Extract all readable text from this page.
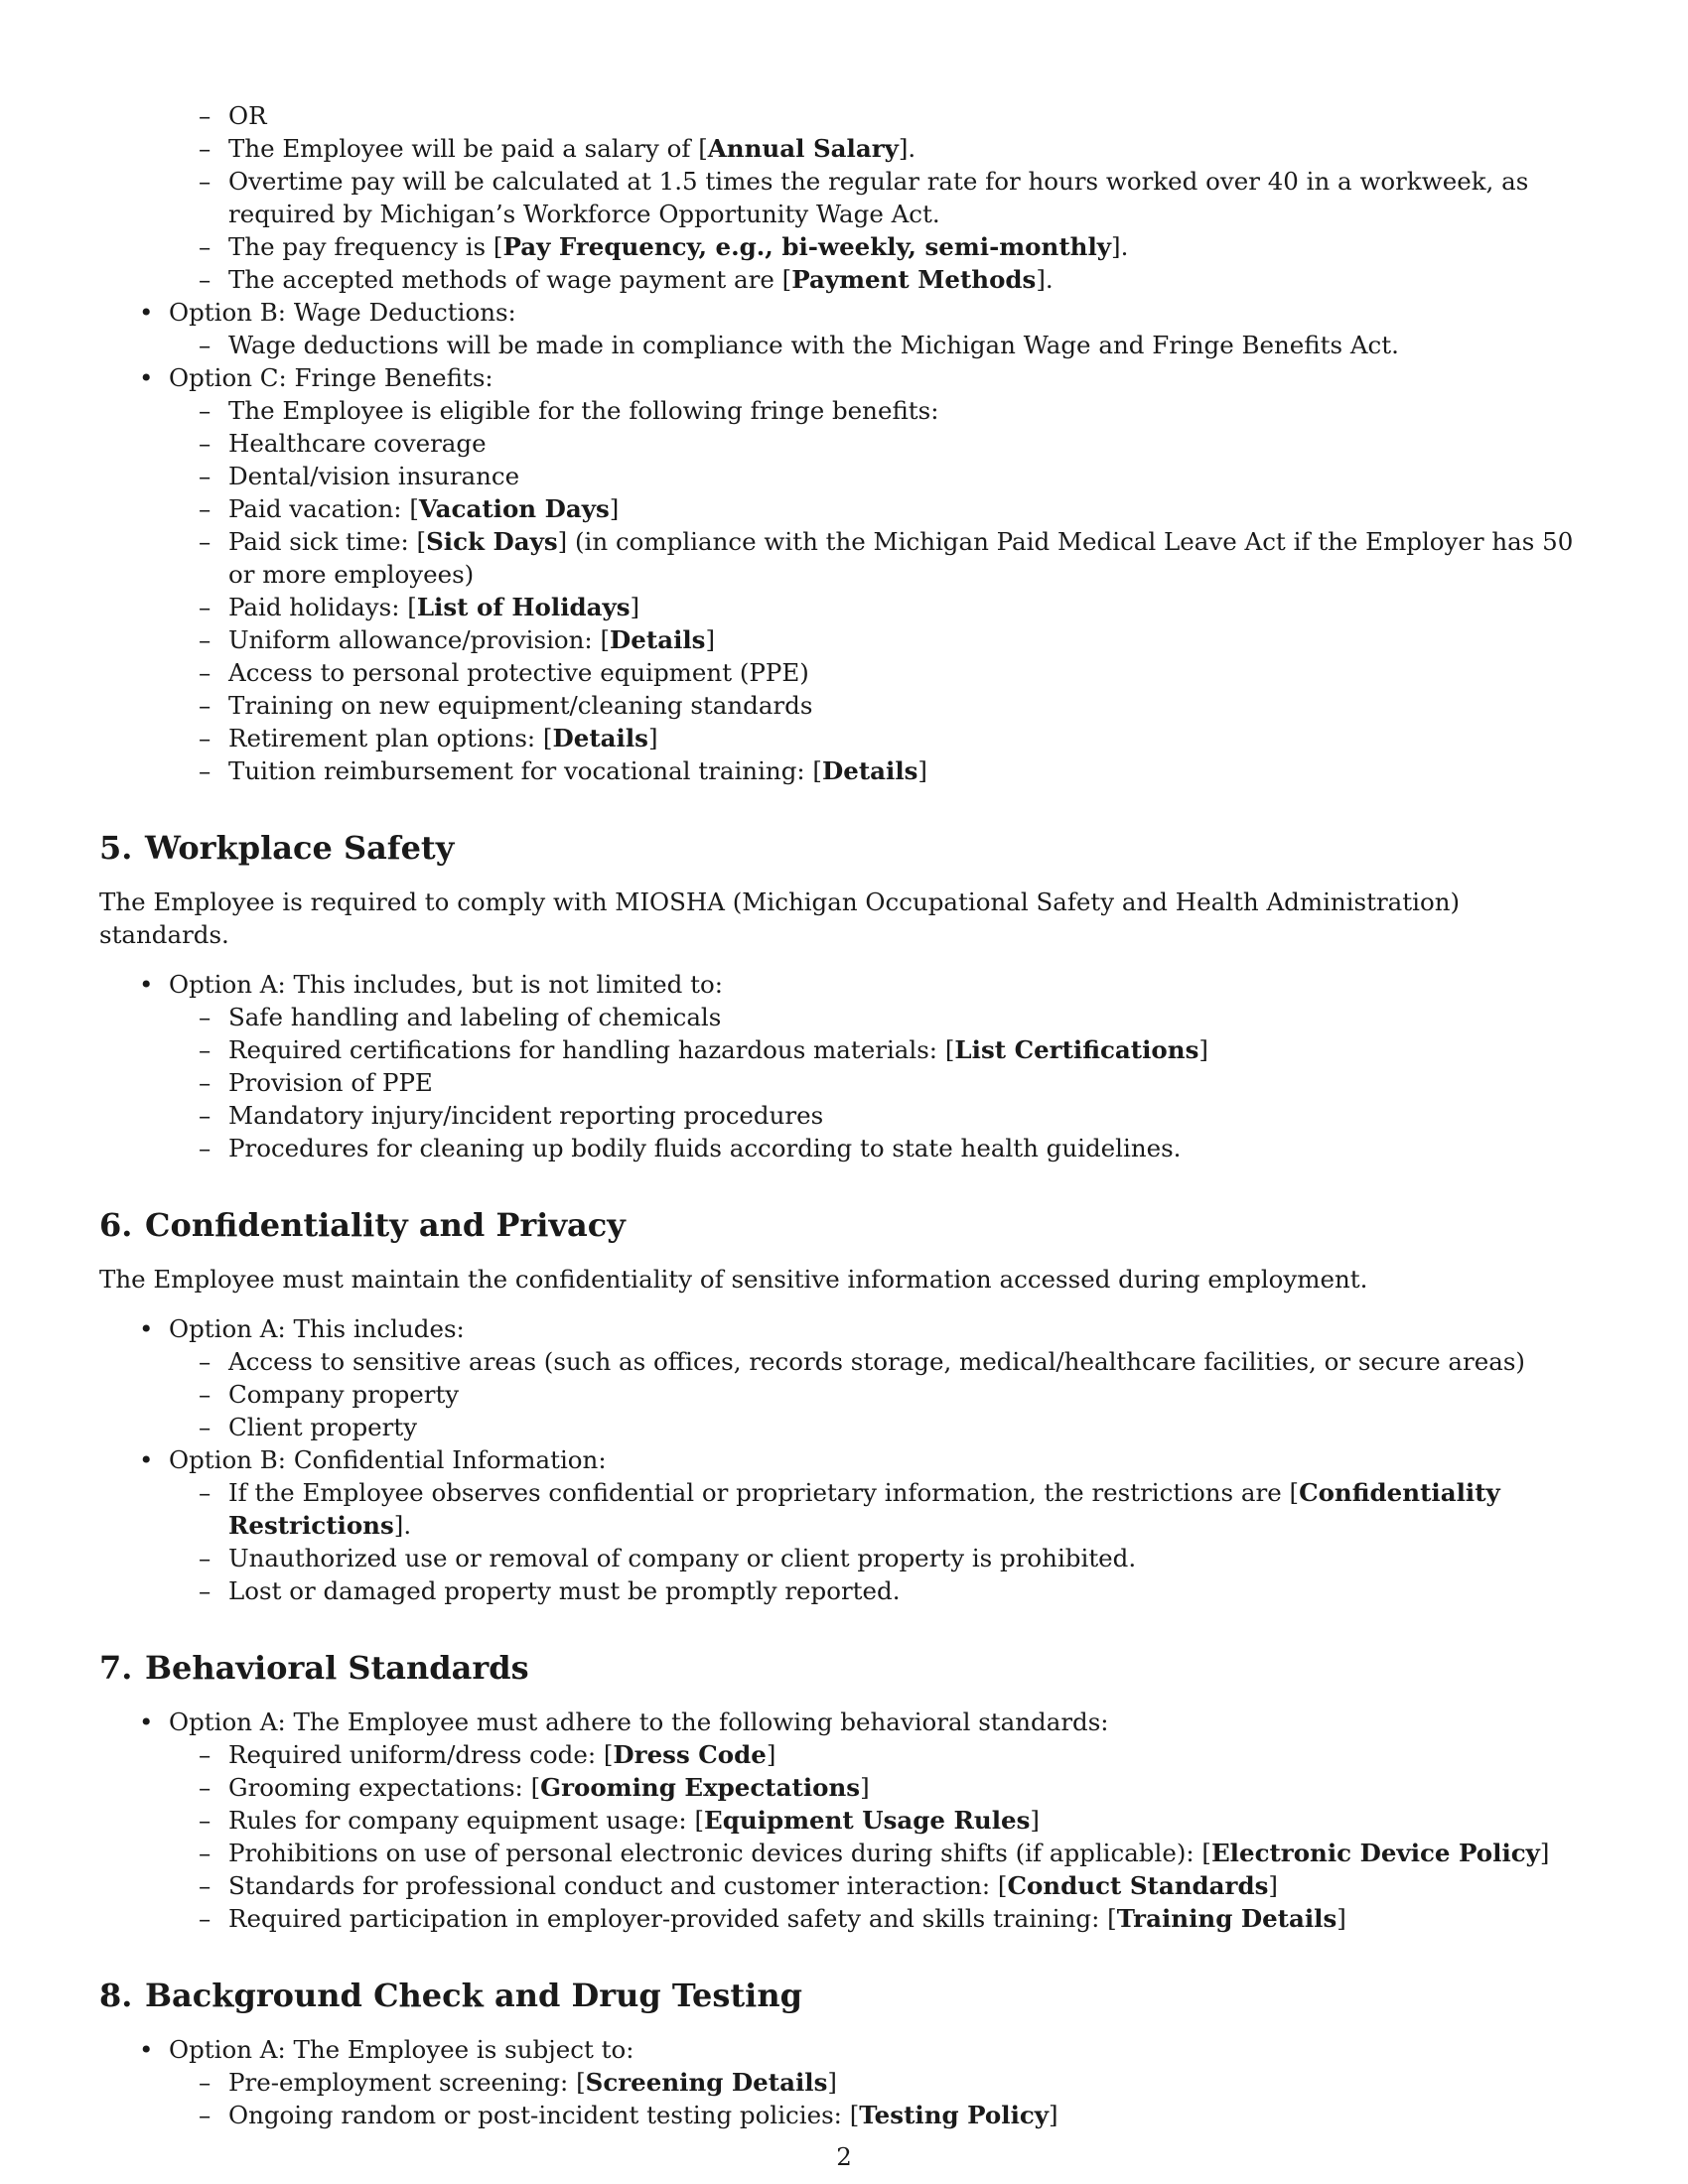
– OR
– The Employee will be paid a salary of [Annual Salary].
– Overtime pay will be calculated at 1.5 times the regular rate for hours worked over 40 in a workweek, as required by Michigan’s Workforce Opportunity Wage Act.
– The pay frequency is [Pay Frequency, e.g., bi-weekly, semi-monthly].
– The accepted methods of wage payment are [Payment Methods].
• Option B: Wage Deductions:
– Wage deductions will be made in compliance with the Michigan Wage and Fringe Benefits Act.
• Option C: Fringe Benefits:
– The Employee is eligible for the following fringe benefits:
– Healthcare coverage
– Dental/vision insurance
– Paid vacation: [Vacation Days]
– Paid sick time: [Sick Days] (in compliance with the Michigan Paid Medical Leave Act if the Employer has 50 or more employees)
– Paid holidays: [List of Holidays]
– Uniform allowance/provision: [Details]
– Access to personal protective equipment (PPE)
– Training on new equipment/cleaning standards
– Retirement plan options: [Details]
– Tuition reimbursement for vocational training: [Details]
5. Workplace Safety

The Employee is required to comply with MIOSHA (Michigan Occupational Safety and Health Administration) standards.

• Option A: This includes, but is not limited to:
– Safe handling and labeling of chemicals
– Required certifications for handling hazardous materials: [List Certifications]
– Provision of PPE
– Mandatory injury/incident reporting procedures
– Procedures for cleaning up bodily fluids according to state health guidelines.
6. Confidentiality and Privacy

The Employee must maintain the confidentiality of sensitive information accessed during employment.

• Option A: This includes:
– Access to sensitive areas (such as offices, records storage, medical/healthcare facilities, or secure areas)
– Company property
– Client property
• Option B: Confidential Information:
– If the Employee observes confidential or proprietary information, the restrictions are [Confidentiality Restrictions].
– Unauthorized use or removal of company or client property is prohibited.
– Lost or damaged property must be promptly reported.
7. Behavioral Standards
• Option A: The Employee must adhere to the following behavioral standards:
– Required uniform/dress code: [Dress Code]
– Grooming expectations: [Grooming Expectations]
– Rules for company equipment usage: [Equipment Usage Rules]
– Prohibitions on use of personal electronic devices during shifts (if applicable): [Electronic Device Policy]
– Standards for professional conduct and customer interaction: [Conduct Standards]
– Required participation in employer-provided safety and skills training: [Training Details]
8. Background Check and Drug Testing
• Option A: The Employee is subject to:
– Pre-employment screening: [Screening Details]
– Ongoing random or post-incident testing policies: [Testing Policy]
2
